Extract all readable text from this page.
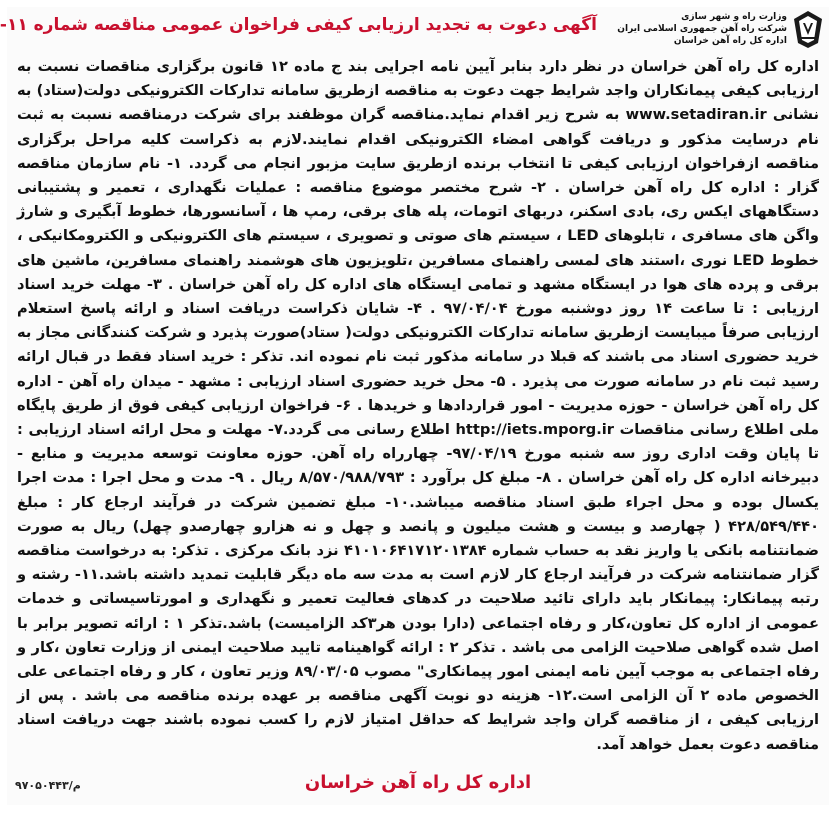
وزارت راه و شهر سازی
شرکت راه آهن جمهوری اسلامی ایران
اداره کل راه آهن خراسان
آگهی دعوت به تجدید ارزیابی کیفی فراخوان عمومی مناقصه شماره ۱۱-
اداره کل راه آهن خراسان در نظر دارد بنابر آیین نامه اجرایی بند ج ماده ۱۲ قانون برگزاری مناقصات نسبت به ارزیابی کیفی پیمانکاران واجد شرایط جهت دعوت به مناقصه ازطریق سامانه تدارکات الکترونیکی دولت(ستاد) به نشانی www.setadiran.ir به شرح زیر اقدام نماید.مناقصه گران موظفند برای شرکت درمناقصه نسبت به ثبت نام درسایت مذکور و دریافت گواهی امضاء الکترونیکی اقدام نمایند.لازم به ذکراست کلیه مراحل برگزاری مناقصه ازفراخوان ارزیابی کیفی تا انتخاب برنده ازطریق سایت مزبور انجام می گردد. ۱- نام سازمان مناقصه گزار : اداره کل راه آهن خراسان . ۲- شرح مختصر موضوع مناقصه : عملیات نگهداری ، تعمیر و پشتیبانی دستگاههای ایکس ری، بادی اسکنر، دربهای اتومات، پله های برقی، رمپ ها ، آسانسورها، خطوط آبگیری و شارژ واگن های مسافری ، تابلوهای LED ، سیستم های صوتی و تصویری ، سیستم های الکترونیکی و الکترومکانیکی ، خطوط LED نوری ،استند های لمسی راهنمای مسافرین ،تلویزیون های هوشمند راهنمای مسافرین، ماشین های برقی و پرده های هوا در ایستگاه مشهد و تمامی ایستگاه های اداره کل راه آهن خراسان . ۳- مهلت خرید اسناد ارزیابی : تا ساعت ۱۴ روز دوشنبه مورخ ۹۷/۰۴/۰۴ . ۴- شایان ذکراست دریافت اسناد و ارائه پاسخ استعلام ارزیابی صرفاً میبایست ازطریق سامانه تدارکات الکترونیکی دولت( ستاد)صورت پذیرد و شرکت کنندگانی مجاز به خرید حضوری اسناد می باشند که قبلا در سامانه مذکور ثبت نام نموده اند. تذکر : خرید اسناد فقط در قبال ارائه رسید ثبت نام در سامانه صورت می پذیرد . ۵- محل خرید حضوری اسناد ارزیابی : مشهد - میدان راه آهن - اداره کل راه آهن خراسان - حوزه مدیریت - امور قراردادها و خریدها . ۶- فراخوان ارزیابی کیفی فوق از طریق پایگاه ملی اطلاع رسانی مناقصات http://iets.mporg.ir اطلاع رسانی می گردد.۷- مهلت و محل ارائه اسناد ارزیابی : تا پایان وقت اداری روز سه شنبه مورخ ۹۷/۰۴/۱۹- چهارراه راه آهن. حوزه معاونت توسعه مدیریت و منابع - دبیرخانه اداره کل راه آهن خراسان . ۸- مبلغ کل برآورد : ۸/۵۷۰/۹۸۸/۷۹۳ ریال . ۹- مدت و محل اجرا : مدت اجرا یکسال بوده و محل اجراء طبق اسناد مناقصه میباشد.۱۰- مبلغ تضمین شرکت در فرآیند ارجاع کار : مبلغ ۴۲۸/۵۴۹/۴۴۰ ( چهارصد و بیست و هشت میلیون و پانصد و چهل و نه هزارو چهارصدو چهل) ریال به صورت ضمانتنامه بانکی یا واریز نقد به حساب شماره ۴۱۰۱۰۶۴۱۷۱۲۰۱۳۸۴ نزد بانک مرکزی . تذکر: به درخواست مناقصه گزار ضمانتنامه شرکت در فرآیند ارجاع کار لازم است به مدت سه ماه دیگر قابلیت تمدید داشته باشد.۱۱- رشته و رتبه پیمانکار: پیمانکار باید دارای تائید صلاحیت در کدهای فعالیت تعمیر و نگهداری و امورتاسیساتی و خدمات عمومی از اداره کل تعاون،کار و رفاه اجتماعی (دارا بودن هر۳کد الزامیست) باشد.تذکر ۱ : ارائه تصویر برابر با اصل شده گواهی صلاحیت الزامی می باشد . تذکر ۲ : ارائه گواهینامه تایید صلاحیت ایمنی از وزارت تعاون ،کار و رفاه اجتماعی به موجب آیین نامه ایمنی امور پیمانکاری" مصوب ۸۹/۰۳/۰۵ وزیر تعاون ، کار و رفاه اجتماعی علی الخصوص ماده ۲ آن الزامی است.۱۲- هزینه دو نوبت آگهی مناقصه بر عهده برنده مناقصه می باشد . پس از ارزیابی کیفی ، از مناقصه گران واجد شرایط که حداقل امتیاز لازم را کسب نموده باشند جهت دریافت اسناد مناقصه دعوت بعمل خواهد آمد.
اداره کل راه آهن خراسان
م/۹۷۰۵۰۴۴۳
